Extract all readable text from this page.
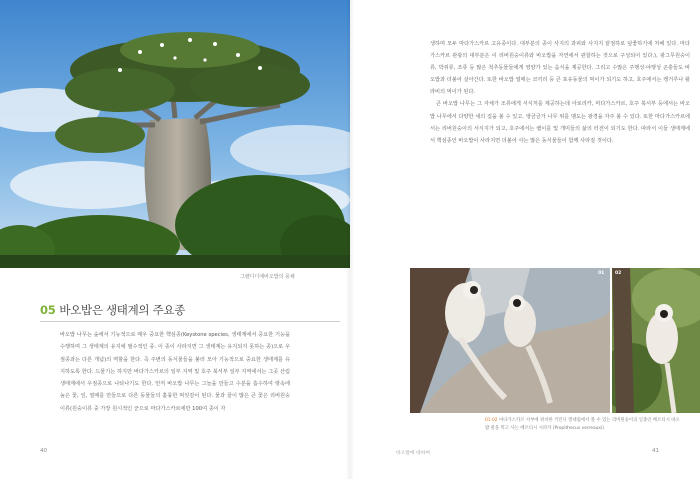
그랜디디에바오밥의 풍채
05 바오밥은 생태계의 주요종

바오밥 나무는 숲에서 기능적으로 매우 중요한 핵심종(Keystone species, 생태계에서 중요한 기능을 수행하며 그 생태계의 유지에 필수적인 종. 이 종이 사라지면 그 생태계는 유지되지 못하는 종)으로 우점종과는 다른 개념)의 역할을 한다. 즉 주변의 동식물들을 불러 모아 기능적으로 중요한 생태계를 유지하도록 한다. 드물기는 하지만 바다가스카르의 일부 지역 및 호주 북서부 일부 지역에서는 그곳 산림생태계에서 우점종으로 나타나기도 한다. 먼저 바오밥 나무는 그늘을 만들고 수분을 흡수하여 땅속에 높은 꽃, 잎, 열매를 만들므로 다른 동물들의 훌륭한 먹잇감이 된다. 물과 꿀이 많은 큰 꽃은 리버원숭이류(원숭이류 중 가장 원시적인 군으로 마다가스카르에만 100여 종이 자

40

생하며 모두 마다가스카르 고유종이다. 대부분의 종이 사지의 과피와 사지지 끝점하로 덮좋하기에 처해 있다. 마다가스카르 관광의 대부분은 이 리버원숭이류와 바오밥을 자연에서 관찰하는 것으로 구성되어 있다.), 광그무원숭이류, 박쥐류, 조류 등 많은 척추동물들에게 영양가 있는 음식을 제공한다. 그리고 수많은 주행성·야행성 곤충들도 바오밥과 더불어 살아간다. 또한 바오밥 열매는 코끼리 등 큰 포유동물의 먹이가 되기도 하고, 호주에서는 캥거루나 왈라비의 먹이가 된다.

큰 바오밥 나무는 그 자체가 조류에게 서식처를 제공하는데 아로리카, 마다가스카르, 호주 북서부 등에서는 바오밥 나무에서 다양한 새의 집을 볼 수 있고, 앵금금가 나무 위를 맴도는 광경을 자주 볼 수 있다. 또한 마다가스카르에서는 리버원숭이의 서식지가 되고, 호주에서는 뱀이를 및 개미들의 삶의 터전이 되기도 한다. 따라서 이들 생태계에서 핵심종인 바오밥이 사라지면 더불어 사는 많은 동식물들이 함께 사라질 것이다.

01 02
01·02 마다가스카르 서부에 위치한 키린디 열대림에서 볼 수 있는 리버원숭이의 일종인 베르티시 바오밥 팔을 먹고 사는 베르티시 시파카 (Propithecus verreauxi)
바오밥에 대하여	41
